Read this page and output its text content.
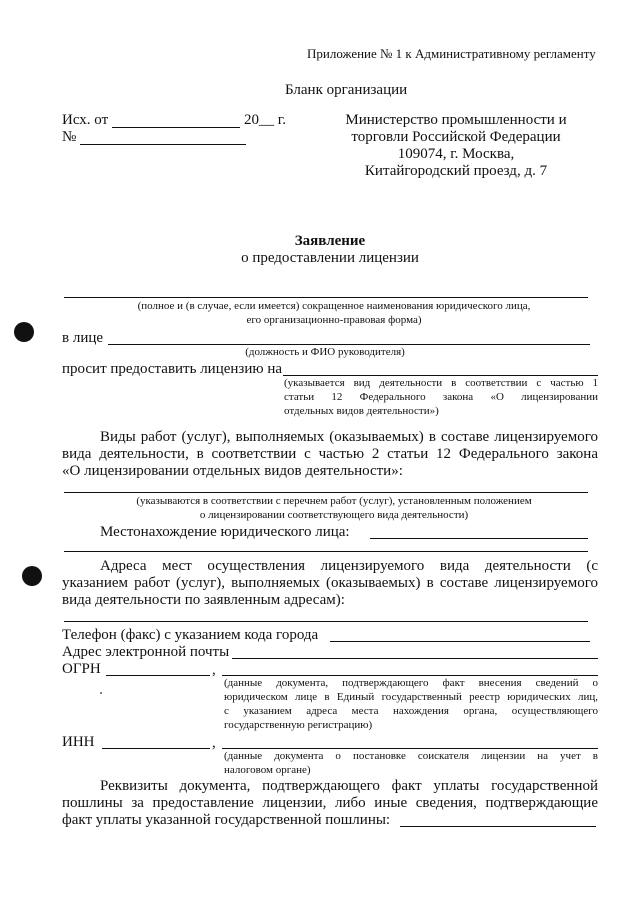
Приложение № 1 к Административному регламенту
Бланк организации
Исх. от	20__ г.
№
Министерство промышленности и
торговли Российской Федерации
109074, г. Москва,
Китайгородский проезд, д. 7
Заявление
о предоставлении лицензии
(полное и (в случае, если имеется) сокращенное наименования юридического лица,
его организационно-правовая форма)
в лице
(должность и ФИО руководителя)
просит предоставить лицензию на
(указывается вид деятельности в соответствии с частью 1
статьи 12 Федерального закона «О лицензировании
отдельных видов деятельности»)
Виды работ (услуг), выполняемых (оказываемых) в составе лицензируемого
вида деятельности, в соответствии с частью 2 статьи 12 Федерального закона
«О лицензировании отдельных видов деятельности»:
(указываются в соответствии с перечнем работ (услуг), установленным положением
о лицензировании соответствующего вида деятельности)
Местонахождение юридического лица:
Адреса мест осуществления лицензируемого вида деятельности (с
указанием работ (услуг), выполняемых (оказываемых) в составе лицензируемого
вида деятельности по заявленным адресам):
Телефон (факс) с указанием кода города
Адрес электронной почты
ОГРН	,
(данные документа, подтверждающего факт внесения сведений о
юридическом лице в Единый государственный реестр юридических лиц,
с указанием адреса места нахождения органа, осуществляющего
государственную регистрацию)
ИНН	,
(данные документа о постановке соискателя лицензии на учет в
налоговом органе)
Реквизиты документа, подтверждающего факт уплаты государственной
пошлины за предоставление лицензии, либо иные сведения, подтверждающие
факт уплаты указанной государственной пошлины:
